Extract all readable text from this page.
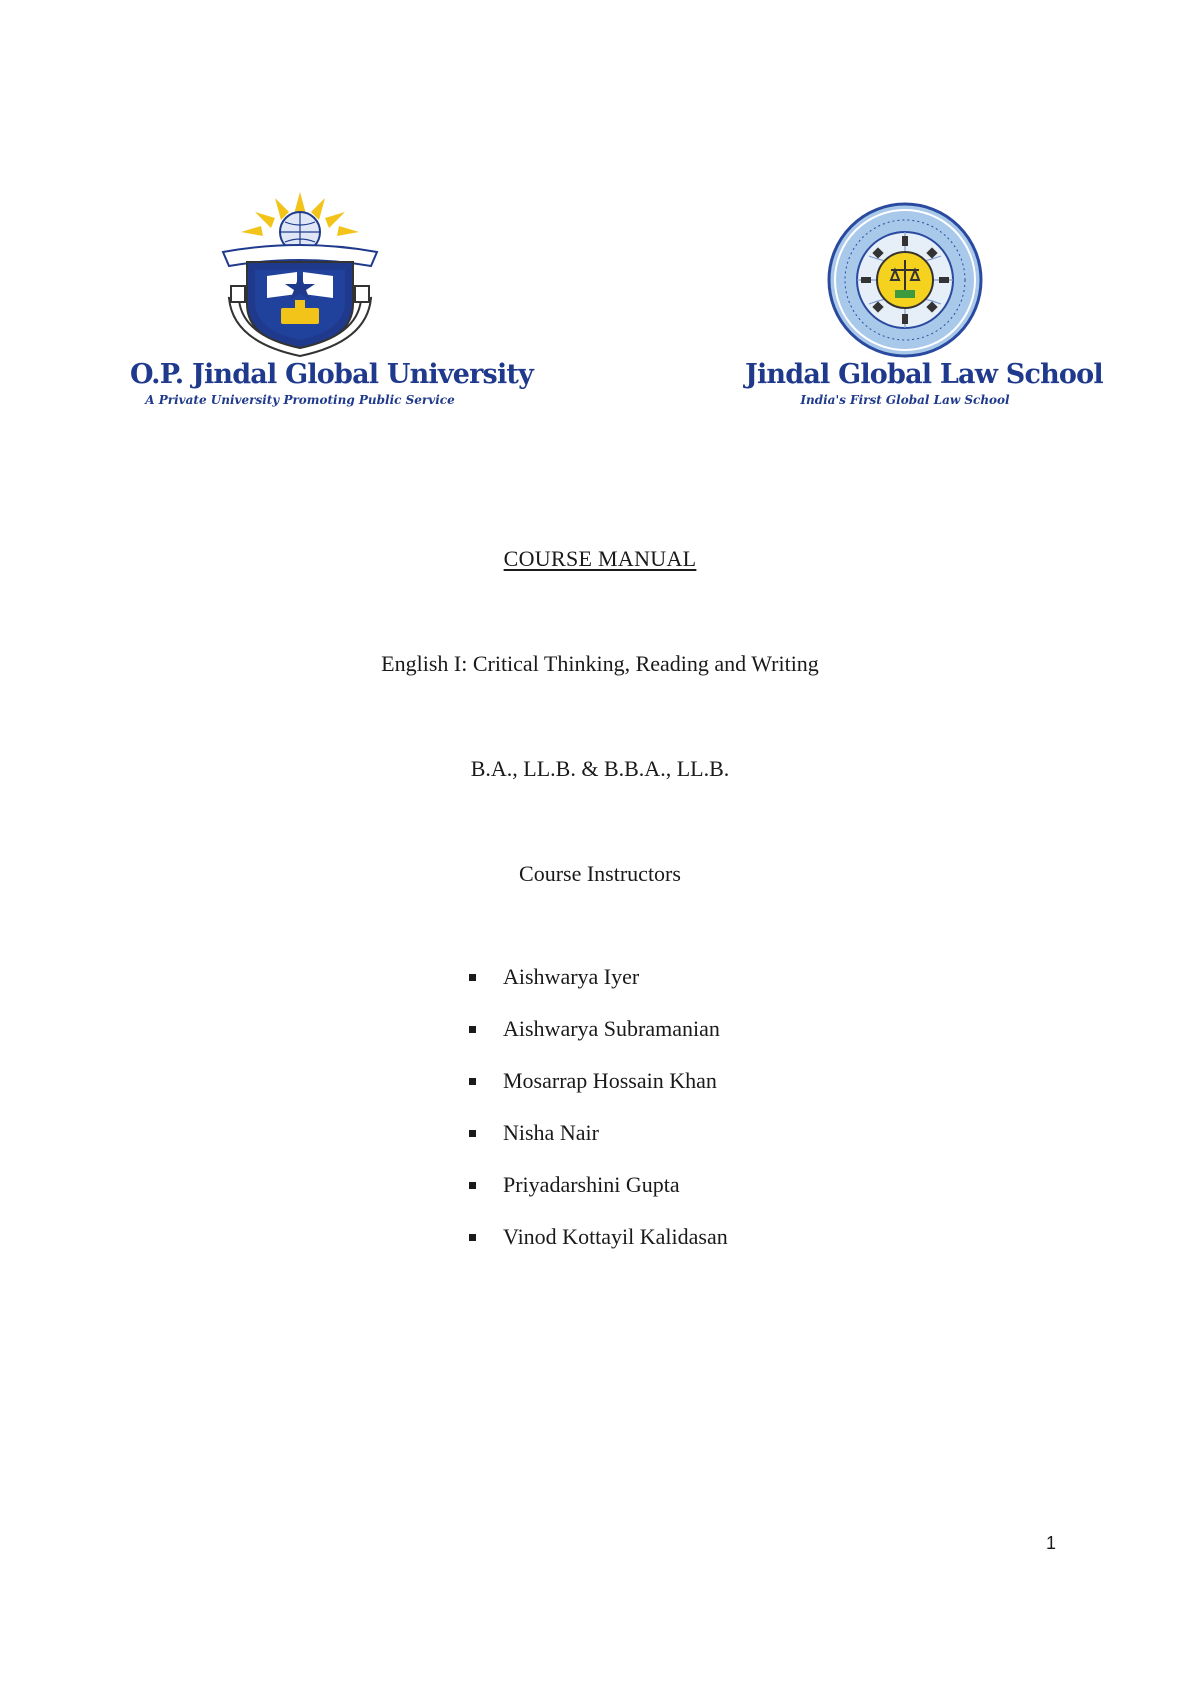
O.P. Jindal Global University
A Private University Promoting Public Service
Jindal Global Law School
India's First Global Law School
COURSE MANUAL
English I: Critical Thinking, Reading and Writing
B.A., LL.B. & B.B.A., LL.B.
Course Instructors
Aishwarya Iyer
Aishwarya Subramanian
Mosarrap Hossain Khan
Nisha Nair
Priyadarshini Gupta
Vinod Kottayil Kalidasan
1
